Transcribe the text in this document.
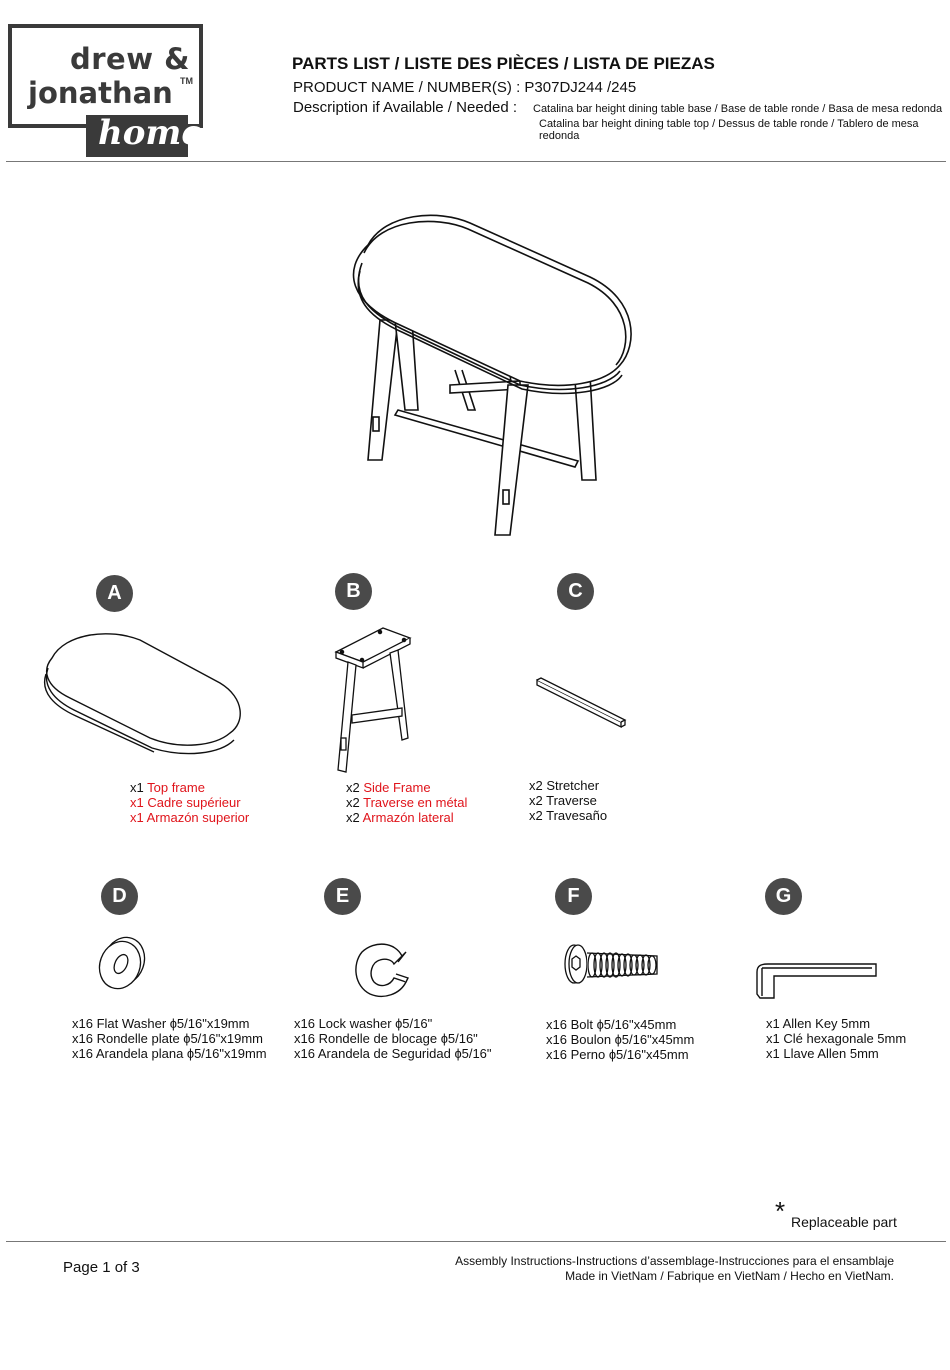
drew &
jonathan TM
home
PARTS LIST / LISTE DES PIÈCES / LISTA DE PIEZAS
PRODUCT NAME / NUMBER(S) : P307DJ244 /245
Description if Available / Needed : Catalina bar height dining table base / Base de table ronde / Basa de mesa redonda
Catalina bar height dining table top / Dessus de table ronde / Tablero de mesa redonda
A	B	C
D	E	F	G
x1 Top frame
x1 Cadre supérieur
x1 Armazón superior
x2 Side Frame
x2 Traverse en métal
x2 Armazón lateral
x2 Stretcher
x2 Traverse
x2 Travesaño
x16 Flat Washer ɸ5/16"x19mm
x16 Rondelle plate ɸ5/16"x19mm
x16 Arandela plana ɸ5/16"x19mm
x16 Lock washer ɸ5/16"
x16 Rondelle de blocage ɸ5/16"
x16 Arandela de Seguridad ɸ5/16"
x16 Bolt ɸ5/16"x45mm
x16 Boulon ɸ5/16"x45mm
x16 Perno ɸ5/16"x45mm
x1 Allen Key 5mm
x1 Clé hexagonale 5mm
x1 Llave Allen 5mm
* Replaceable part
Page 1 of 3	Assembly Instructions-Instructions d’assemblage-Instrucciones para el ensamblaje
Made in VietNam / Fabrique en VietNam / Hecho en VietNam.
